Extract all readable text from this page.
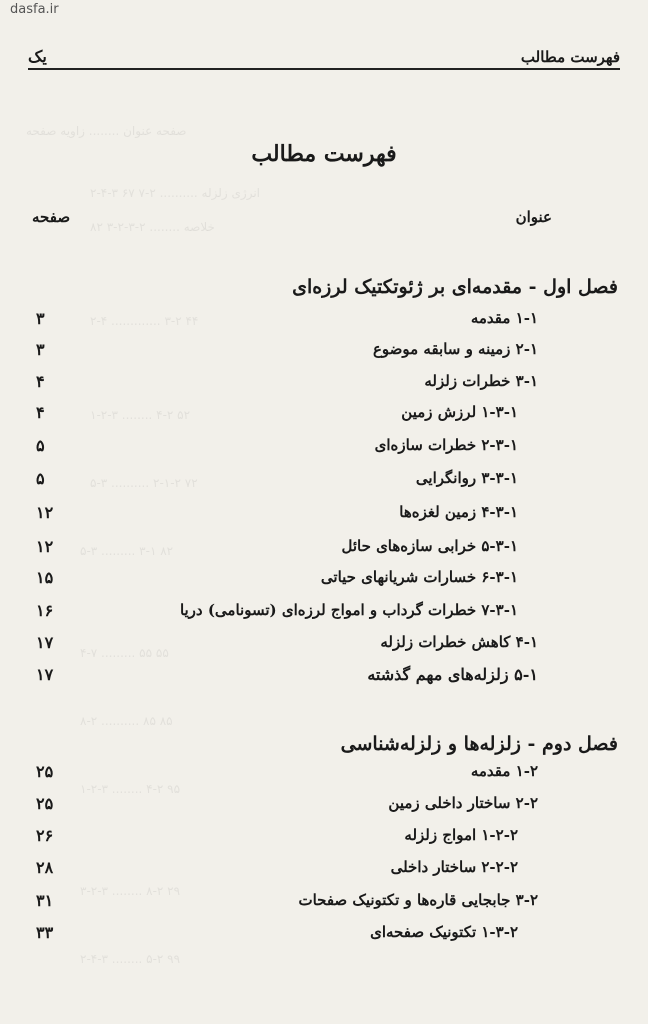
dasfa.ir
فهرست مطالب
یک
صفحه عنوان ........ زاویه صفحه
۲-۴-۳ انرژی زلزله .......... ۲-۷ ۶۷
خلاصه ........ ۲-۳-۲-۳ ۸۲
۲-۴ ............. ۳-۲ ۴۴
۱-۲-۳ ........ ۴-۲ ۵۲
۵-۳ .......... ۲-۱-۲ ۷۲
۵-۳ ......... ۳-۱ ۸۲
۴-۷ ......... ۵۵ ۵۵
۸-۲ .......... ۸۵ ۸۵
۱-۲-۳ ........ ۴-۲ ۹۵
۳-۲-۳ ........ ۸-۲ ۲۹
۲-۴-۳ ........ ۵-۲ ۹۹
فهرست مطالب
عنوان
صفحه
فصل اول - مقدمه‌ای بر ژئوتکتیک لرزه‌ای
۱-۱ مقدمه
۳
۲-۱ زمینه و سابقه موضوع
۳
۳-۱ خطرات زلزله
۴
۱-۳-۱ لرزش زمین
۴
۲-۳-۱ خطرات سازه‌ای
۵
۳-۳-۱ روانگرایی
۵
۴-۳-۱ زمین لغزه‌ها
۱۲
۵-۳-۱ خرابی سازه‌های حائل
۱۲
۶-۳-۱ خسارات شریانهای حیاتی
۱۵
۷-۳-۱ خطرات گرداب و امواج لرزه‌ای (تسونامی) دریا
۱۶
۴-۱ کاهش خطرات زلزله
۱۷
۵-۱ زلزله‌های مهم گذشته
۱۷
فصل دوم - زلزله‌ها و زلزله‌شناسی
۱-۲ مقدمه
۲۵
۲-۲ ساختار داخلی زمین
۲۵
۱-۲-۲ امواج زلزله
۲۶
۲-۲-۲ ساختار داخلی
۲۸
۳-۲ جابجایی قاره‌ها و تکتونیک صفحات
۳۱
۱-۳-۲ تکتونیک صفحه‌ای
۳۳
